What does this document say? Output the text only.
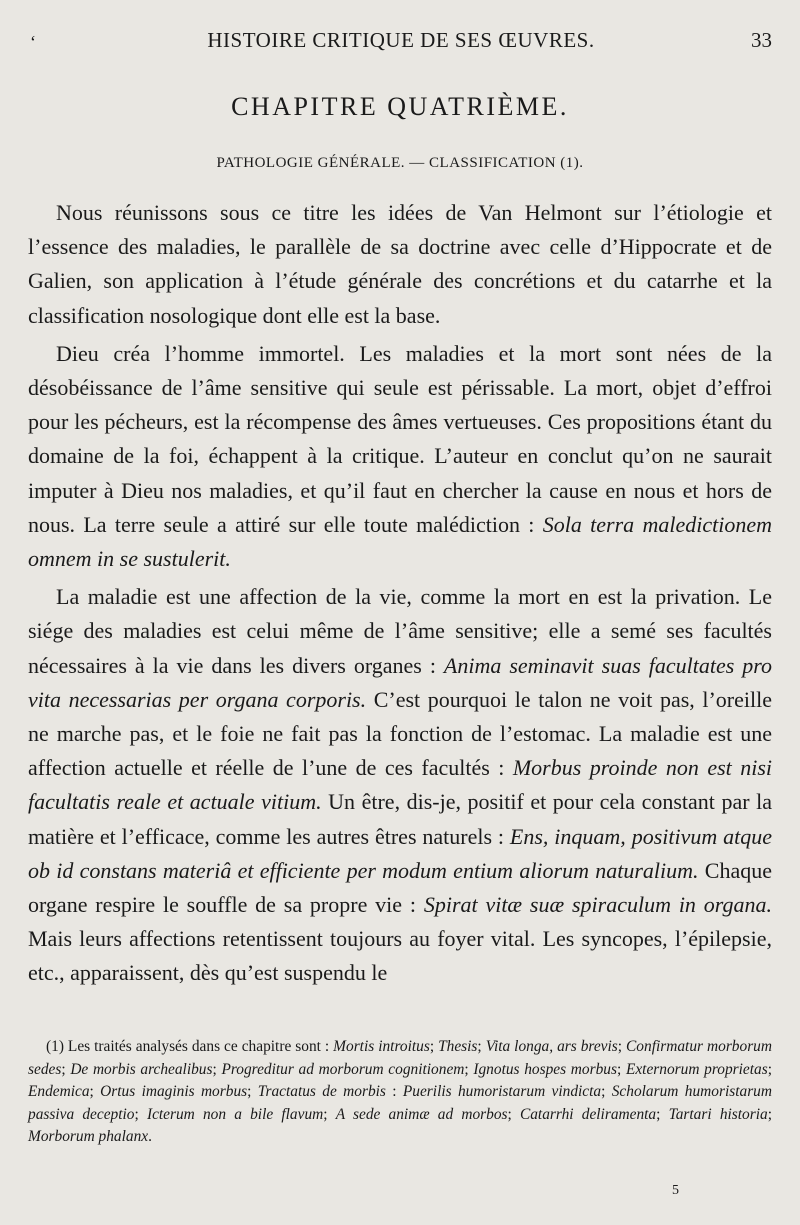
‘	HISTOIRE CRITIQUE DE SES ŒUVRES.	33
CHAPITRE QUATRIÈME.
PATHOLOGIE GÉNÉRALE. — CLASSIFICATION (1).

Nous réunissons sous ce titre les idées de Van Helmont sur l’étiologie et l’essence des maladies, le parallèle de sa doctrine avec celle d’Hippocrate et de Galien, son application à l’étude générale des concrétions et du catarrhe et la classification nosologique dont elle est la base.

Dieu créa l’homme immortel. Les maladies et la mort sont nées de la désobéissance de l’âme sensitive qui seule est périssable. La mort, objet d’effroi pour les pécheurs, est la récompense des âmes vertueuses. Ces propositions étant du domaine de la foi, échappent à la critique. L’auteur en conclut qu’on ne saurait imputer à Dieu nos maladies, et qu’il faut en chercher la cause en nous et hors de nous. La terre seule a attiré sur elle toute malédiction : Sola terra maledictionem omnem in se sustulerit.

La maladie est une affection de la vie, comme la mort en est la privation. Le siége des maladies est celui même de l’âme sensitive; elle a semé ses facultés nécessaires à la vie dans les divers organes : Anima seminavit suas facultates pro vita necessarias per organa corporis. C’est pourquoi le talon ne voit pas, l’oreille ne marche pas, et le foie ne fait pas la fonction de l’estomac. La maladie est une affection actuelle et réelle de l’une de ces facultés : Morbus proinde non est nisi facultatis reale et actuale vitium. Un être, dis-je, positif et pour cela constant par la matière et l’efficace, comme les autres êtres naturels : Ens, inquam, positivum atque ob id constans materiâ et efficiente per modum entium aliorum naturalium. Chaque organe respire le souffle de sa propre vie : Spirat vitæ suæ spiraculum in organa. Mais leurs affections retentissent toujours au foyer vital. Les syncopes, l’épilepsie, etc., apparaissent, dès qu’est suspendu le

(1) Les traités analysés dans ce chapitre sont : Mortis introitus; Thesis; Vita longa, ars brevis; Confirmatur morborum sedes; De morbis archealibus; Progreditur ad morborum cognitionem; Ignotus hospes morbus; Externorum proprietas; Endemica; Ortus imaginis morbus; Tractatus de morbis : Puerilis humoristarum vindicta; Scholarum humoristarum passiva deceptio; Icterum non a bile flavum; A sede animæ ad morbos; Catarrhi deliramenta; Tartari historia; Morborum phalanx.

5
